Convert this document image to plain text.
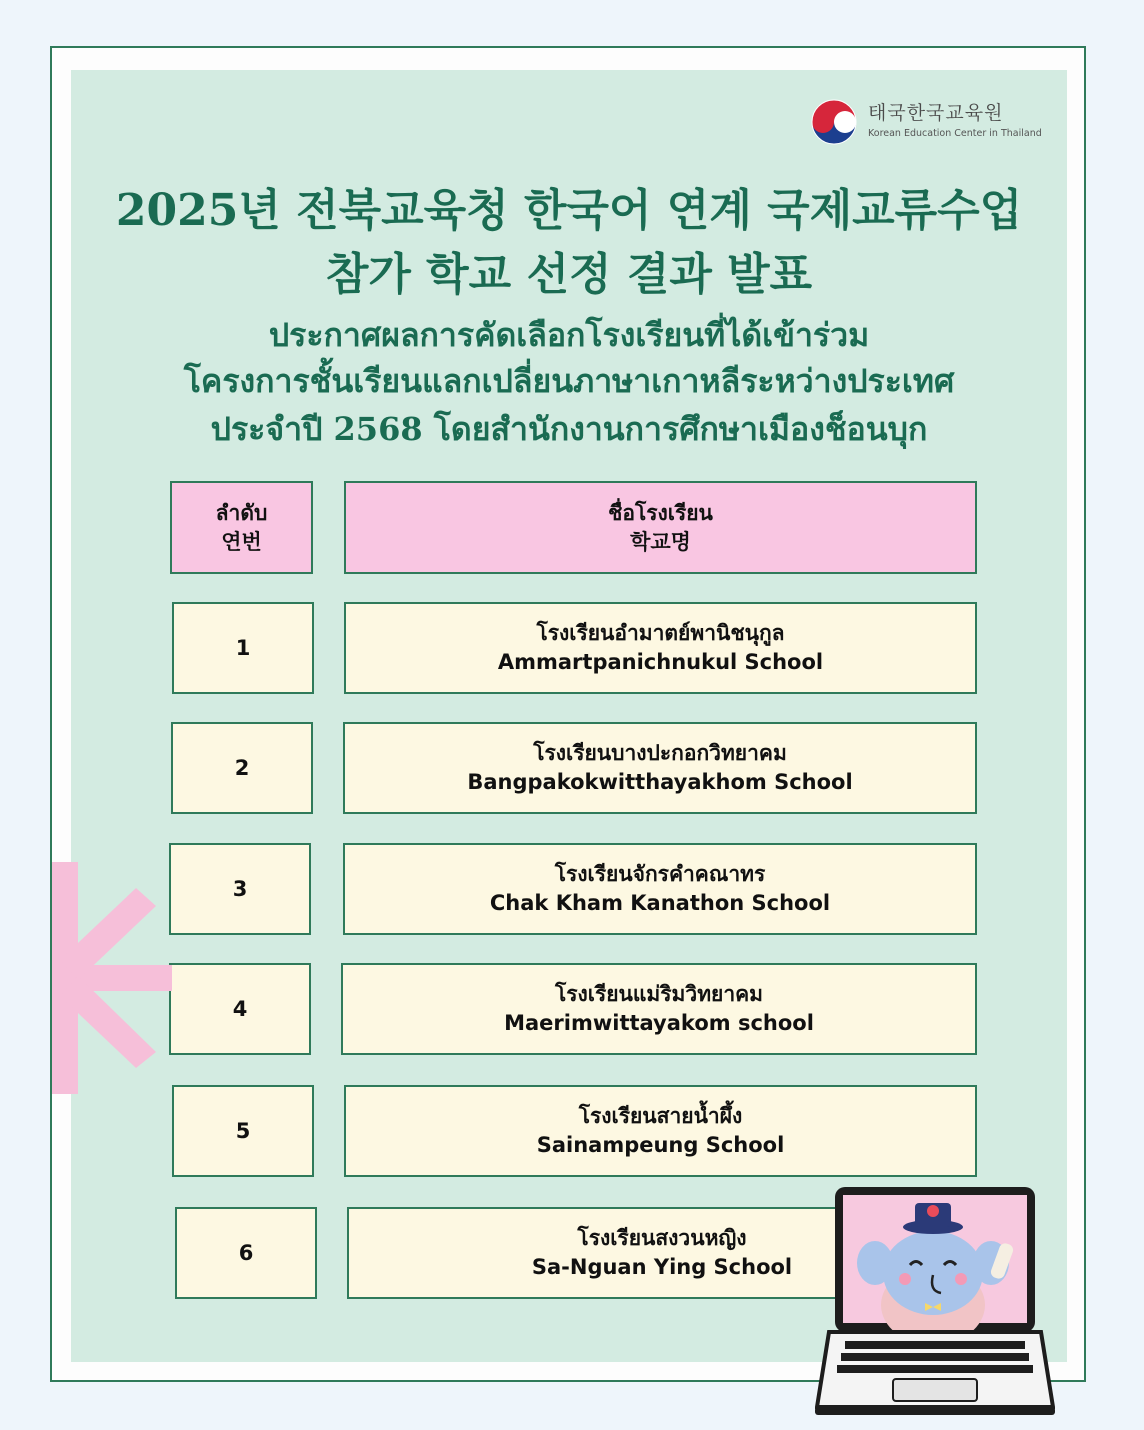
태국한국교육원
Korean Education Center in Thailand
2025년 전북교육청 한국어 연계 국제교류수업
참가 학교 선정 결과 발표
ประกาศผลการคัดเลือกโรงเรียนที่ได้เข้าร่วม
โครงการชั้นเรียนแลกเปลี่ยนภาษาเกาหลีระหว่างประเทศ
ประจำปี 2568 โดยสำนักงานการศึกษาเมืองช็อนบุก
ลำดับ
연번
ชื่อโรงเรียน
학교명
1
โรงเรียนอำมาตย์พานิชนุกูล
Ammartpanichnukul School
2
โรงเรียนบางปะกอกวิทยาคม
Bangpakokwitthayakhom School
3
โรงเรียนจักรคำคณาทร
Chak Kham Kanathon School
4
โรงเรียนแม่ริมวิทยาคม
Maerimwittayakom school
5
โรงเรียนสายน้ำผึ้ง
Sainampeung School
6
โรงเรียนสงวนหญิง
Sa-Nguan Ying School
